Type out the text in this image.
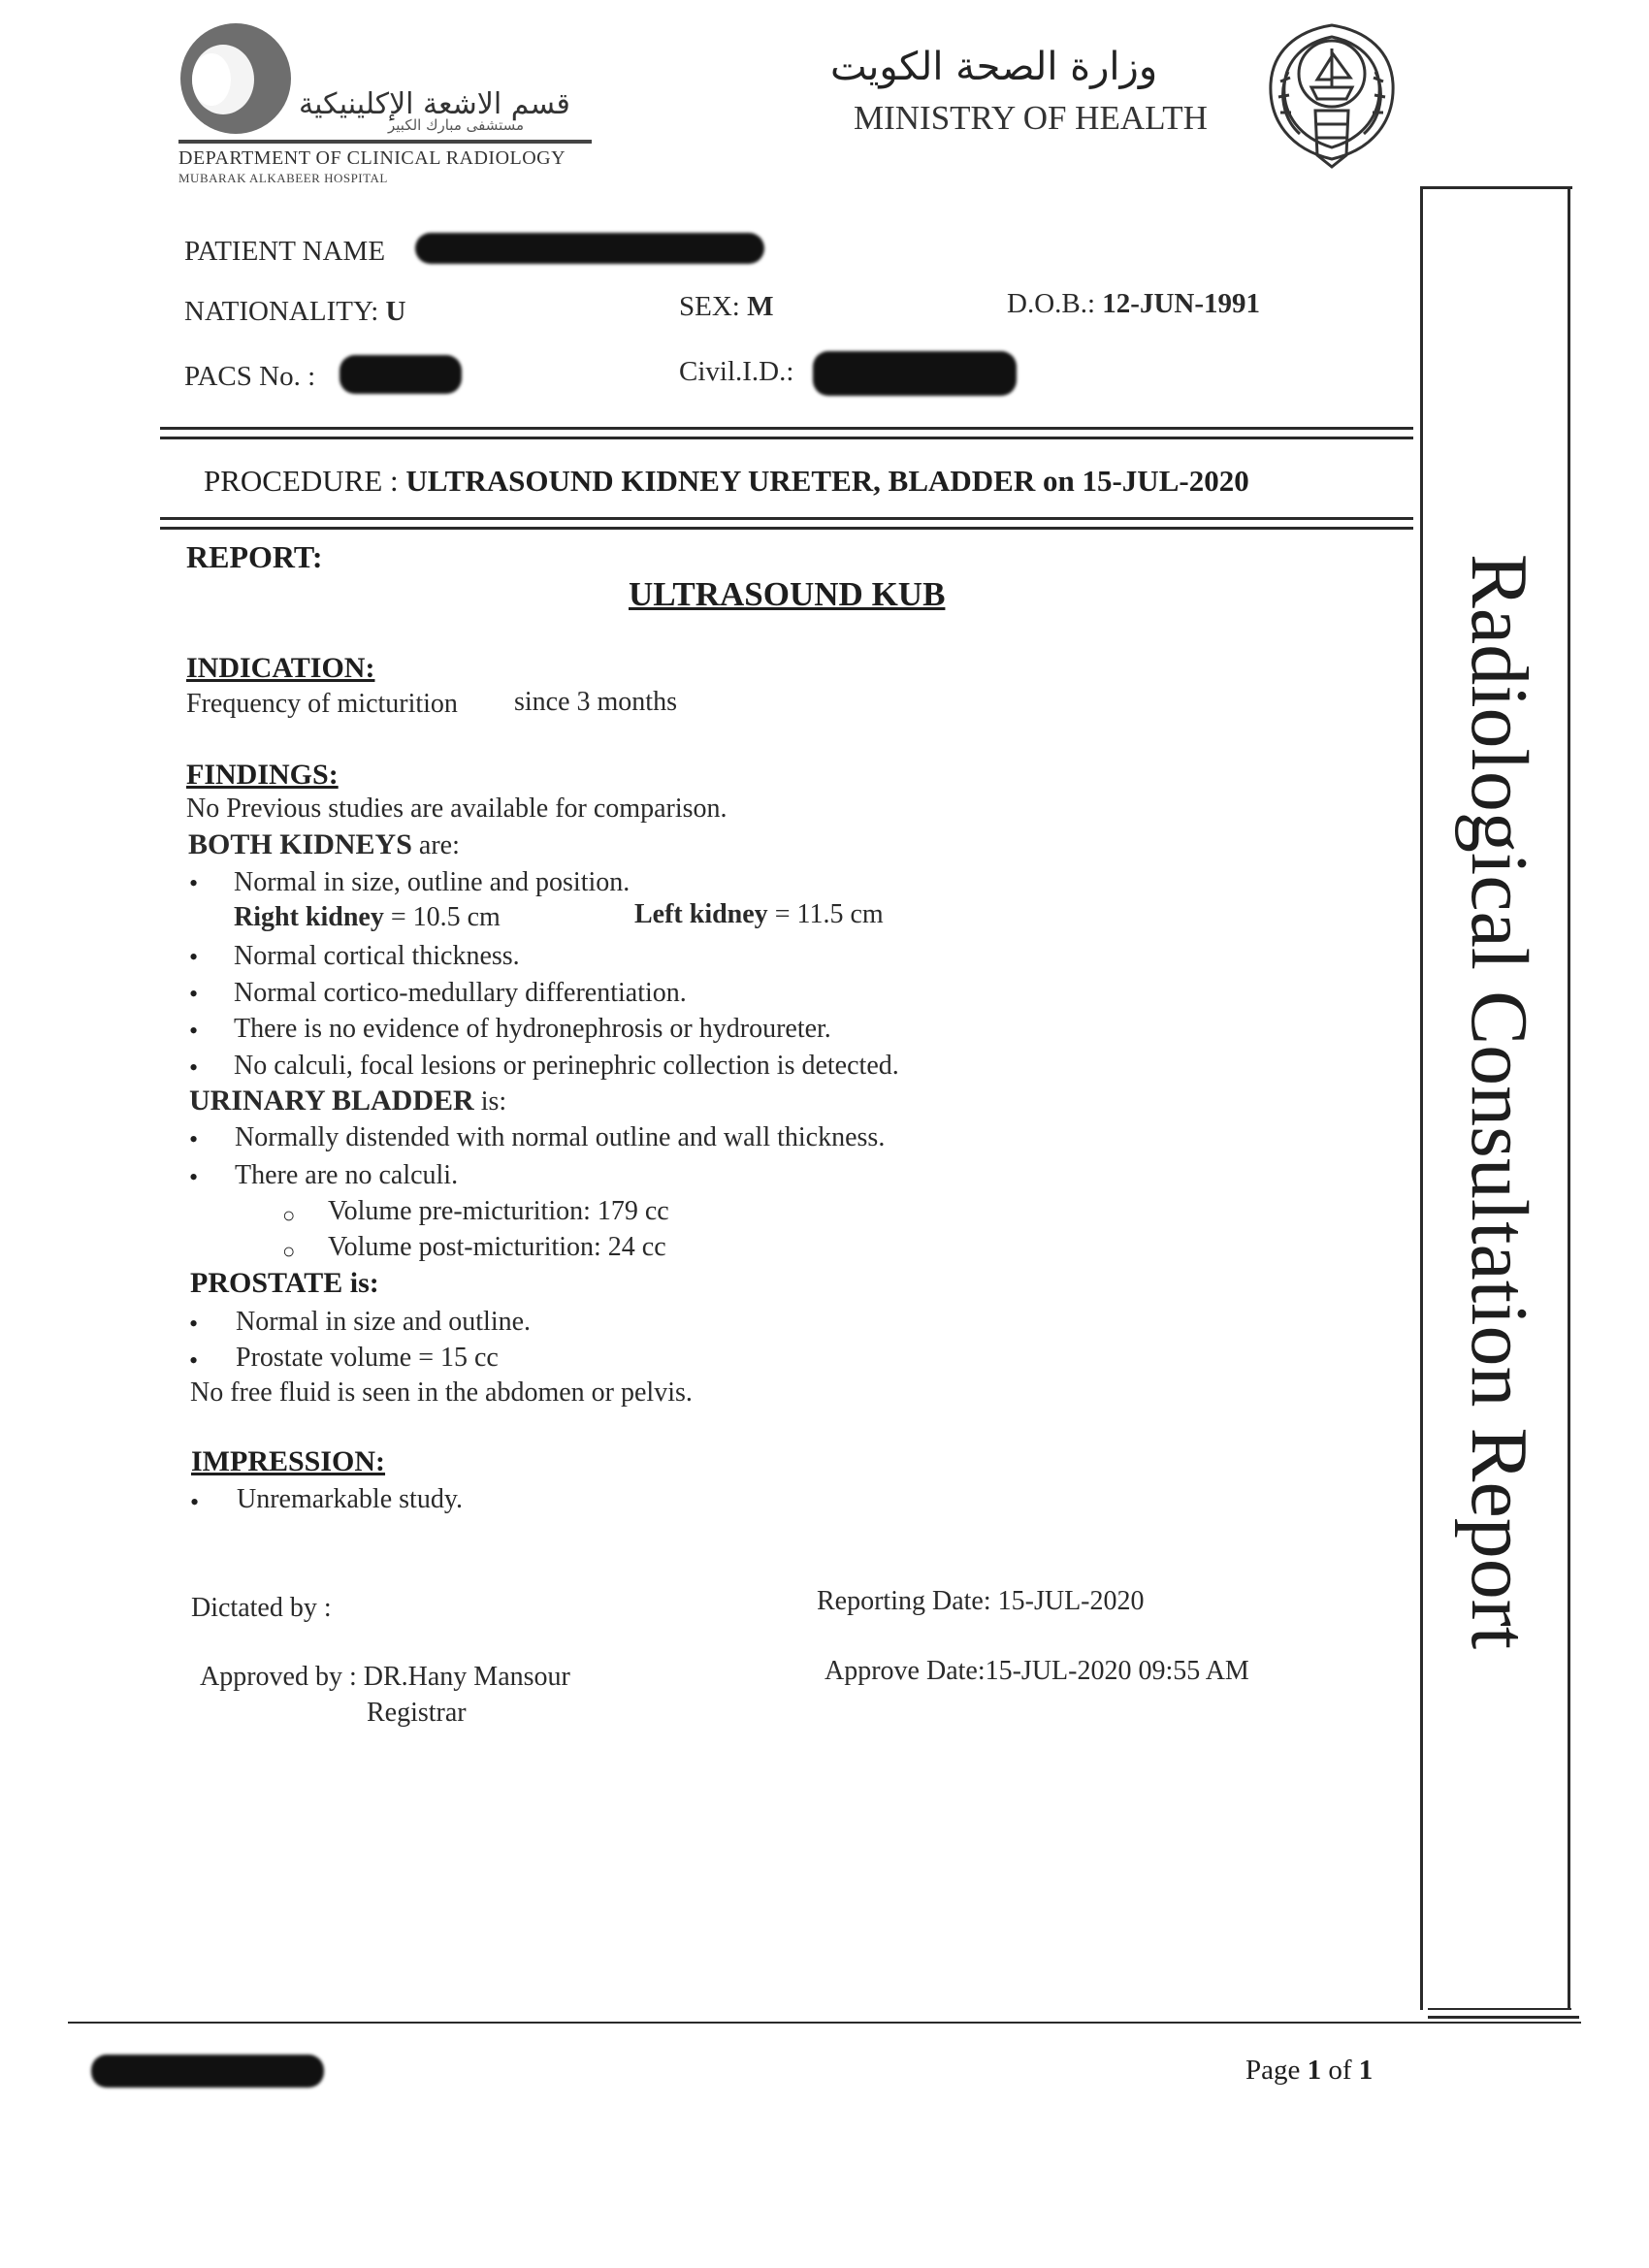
قسم الاشعة الإكلينيكية
مستشفى مبارك الكبير
DEPARTMENT OF CLINICAL RADIOLOGY
MUBARAK ALKABEER HOSPITAL
وزارة الصحة الكويت
MINISTRY OF HEALTH
PATIENT NAME
NATIONALITY: U	SEX: M	D.O.B.: 12-JUN-1991
PACS No. :	Civil.I.D.:
PROCEDURE : ULTRASOUND KIDNEY URETER, BLADDER on 15-JUL-2020
REPORT:
ULTRASOUND KUB
INDICATION:
Frequency of micturition since 3 months
FINDINGS:
No Previous studies are available for comparison.
BOTH KIDNEYS are:
• Normal in size, outline and position.
Right kidney = 10.5 cm	Left kidney = 11.5 cm
• Normal cortical thickness.
• Normal cortico-medullary differentiation.
• There is no evidence of hydronephrosis or hydroureter.
• No calculi, focal lesions or perinephric collection is detected.
URINARY BLADDER is:
• Normally distended with normal outline and wall thickness.
• There are no calculi.
○ Volume pre-micturition: 179 cc
○ Volume post-micturition: 24 cc
PROSTATE is:
• Normal in size and outline.
• Prostate volume = 15 cc
No free fluid is seen in the abdomen or pelvis.
IMPRESSION:
• Unremarkable study.
Dictated by :	Reporting Date: 15-JUL-2020
Approved by : DR.Hany Mansour
Registrar
Approve Date:15-JUL-2020 09:55 AM
Radiological Consultation Report
Page 1 of 1
